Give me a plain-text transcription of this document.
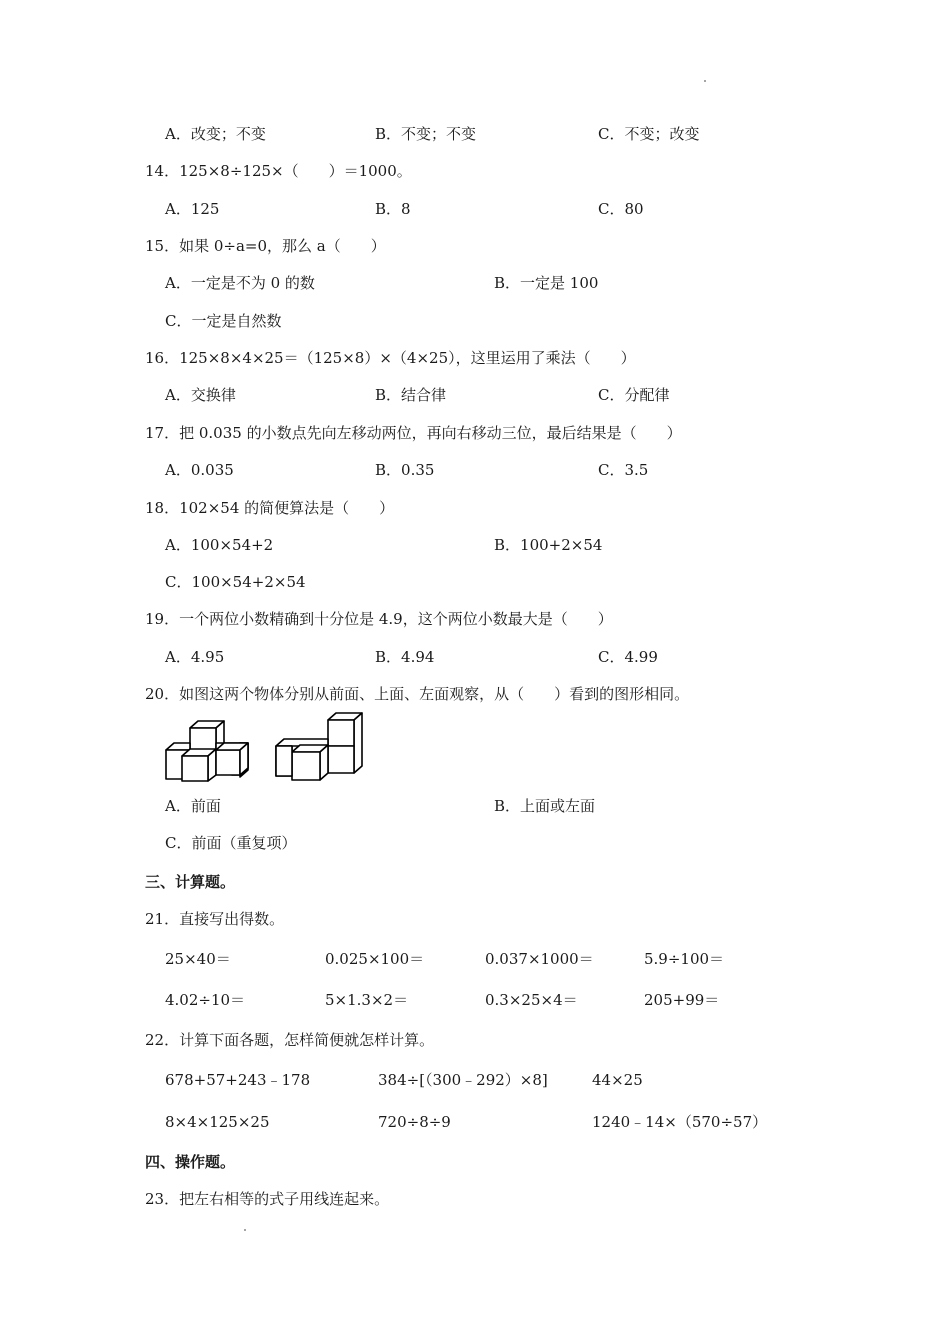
A．改变；不变	B．不变；不变	C．不变；改变
14．125×8÷125×（　　）＝1000。
A．125	B．8	C．80
15．如果 0÷a=0，那么 a（　　）
A．一定是不为 0 的数	B．一定是 100
C．一定是自然数
16．125×8×4×25＝（125×8）×（4×25），这里运用了乘法（　　）
A．交换律	B．结合律	C．分配律
17．把 0.035 的小数点先向左移动两位，再向右移动三位，最后结果是（　　）
A．0.035	B．0.35	C．3.5
18．102×54 的简便算法是（　　）
A．100×54+2	B．100+2×54
C．100×54+2×54
19．一个两位小数精确到十分位是 4.9，这个两位小数最大是（　　）
A．4.95	B．4.94	C．4.99
20．如图这两个物体分别从前面、上面、左面观察，从（　　）看到的图形相同。
A．前面	B．上面或左面
C．前面（重复项）
三、计算题。
21．直接写出得数。
25×40＝	0.025×100＝	0.037×1000＝	5.9÷100＝
4.02÷10＝	5×1.3×2＝	0.3×25×4＝	205+99＝
22．计算下面各题，怎样简便就怎样计算。
678+57+243﹣178	384÷[（300﹣292）×8]	44×25
8×4×125×25	720÷8÷9	1240﹣14×（570÷57）
四、操作题。
23．把左右相等的式子用线连起来。
